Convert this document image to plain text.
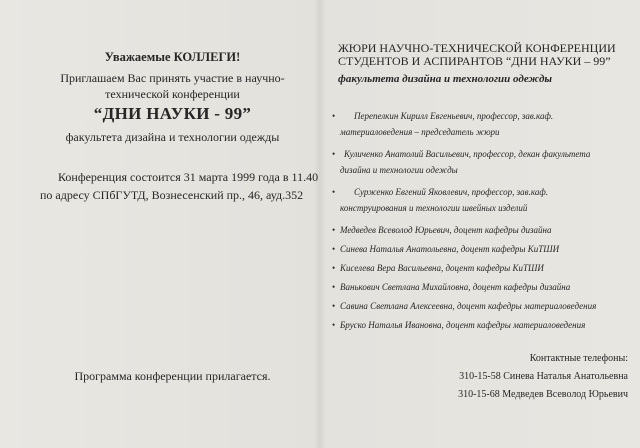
Уважаемые КОЛЛЕГИ!
Приглашаем Вас принять участие в научно-
технической конференции
“ДНИ НАУКИ - 99”
факультета дизайна и технологии одежды
Конференция состоится 31 марта 1999 года в 11.40
по адресу СПбГУТД, Вознесенский пр., 46, ауд.352
Программа конференции прилагается.
ЖЮРИ НАУЧНО-ТЕХНИЧЕСКОЙ КОНФЕРЕНЦИИ
СТУДЕНТОВ И АСПИРАНТОВ “ДНИ НАУКИ – 99”
факультета дизайна и технологии одежды
• Перепелкин Кирилл Евгеньевич, профессор, зав.каф.
материаловедения – председатель жюри
• Куличенко Анатолий Васильевич, профессор, декан факультета
дизайна и технологии одежды
• Сурженко Евгений Яковлевич, профессор, зав.каф.
конструирования и технологии швейных изделий
• Медведев Всеволод Юрьевич, доцент кафедры дизайна
• Синева Наталья Анатольевна, доцент кафедры КиТШИ
• Киселева Вера Васильевна, доцент кафедры КиТШИ
• Ванькович Светлана Михайловна, доцент кафедры дизайна
• Савина Светлана Алексеевна, доцент кафедры материаловедения
• Бруско Наталья Ивановна, доцент кафедры материаловедения
Контактные телефоны:
310-15-58 Синева Наталья Анатольевна
310-15-68 Медведев Всеволод Юрьевич
